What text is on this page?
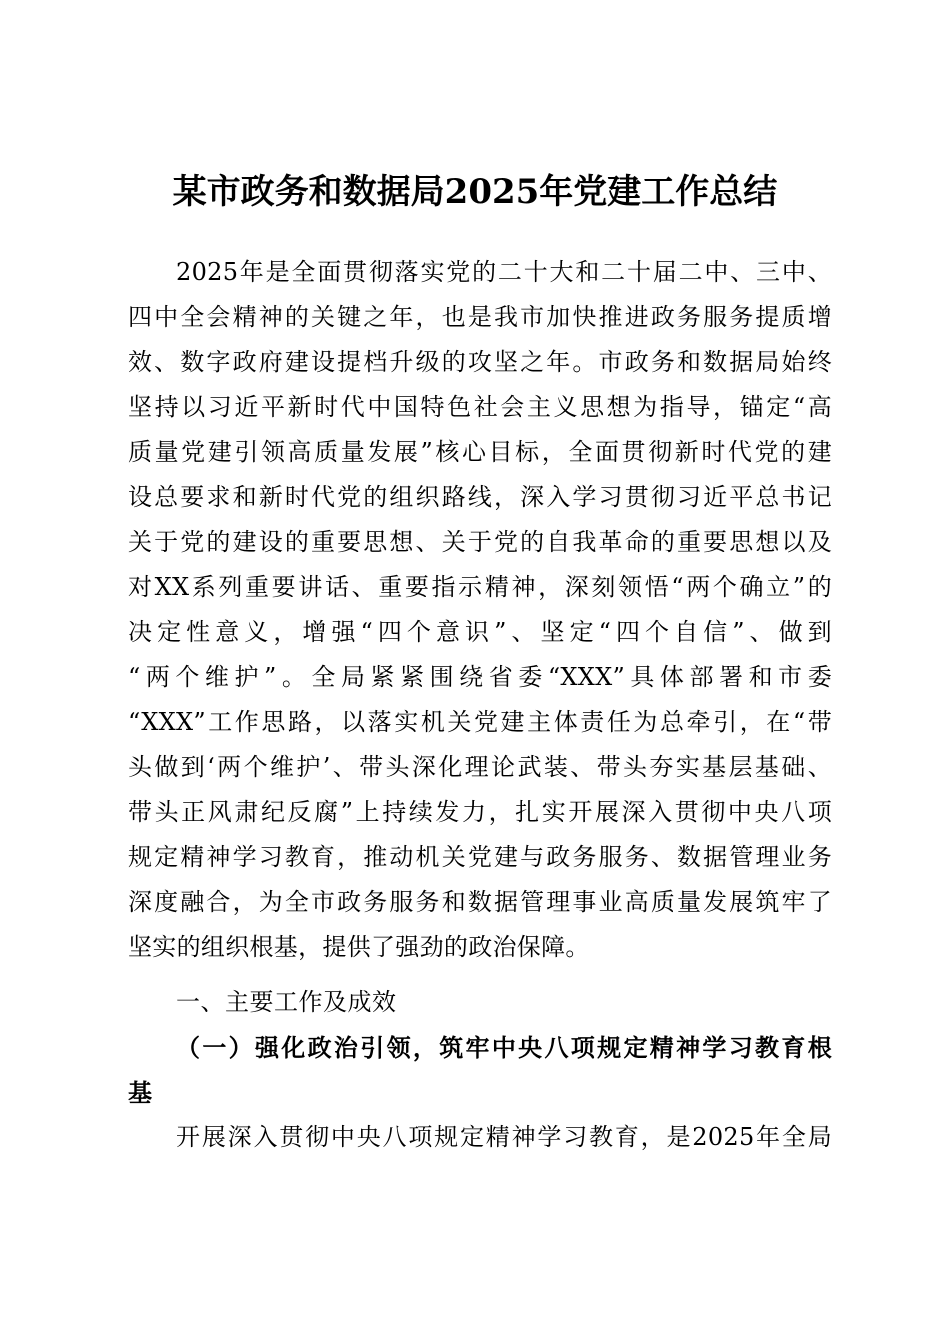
某市政务和数据局2025年党建工作总结
2025年是全面贯彻落实党的二十大和二十届二中、三中、
四中全会精神的关键之年，也是我市加快推进政务服务提质增
效、数字政府建设提档升级的攻坚之年。市政务和数据局始终
坚持以习近平新时代中国特色社会主义思想为指导，锚定“高
质量党建引领高质量发展”核心目标，全面贯彻新时代党的建
设总要求和新时代党的组织路线，深入学习贯彻习近平总书记
关于党的建设的重要思想、关于党的自我革命的重要思想以及
对XX系列重要讲话、重要指示精神，深刻领悟“两个确立”的
决定性意义，增强“四个意识”、坚定“四个自信”、做到
“两个维护”。全局紧紧围绕省委“XXX”具体部署和市委
“XXX”工作思路，以落实机关党建主体责任为总牵引，在“带
头做到‘两个维护’、带头深化理论武装、带头夯实基层基础、
带头正风肃纪反腐”上持续发力，扎实开展深入贯彻中央八项
规定精神学习教育，推动机关党建与政务服务、数据管理业务
深度融合，为全市政务服务和数据管理事业高质量发展筑牢了
坚实的组织根基，提供了强劲的政治保障。
一、主要工作及成效
（一）强化政治引领，筑牢中央八项规定精神学习教育根
基
开展深入贯彻中央八项规定精神学习教育，是2025年全局
